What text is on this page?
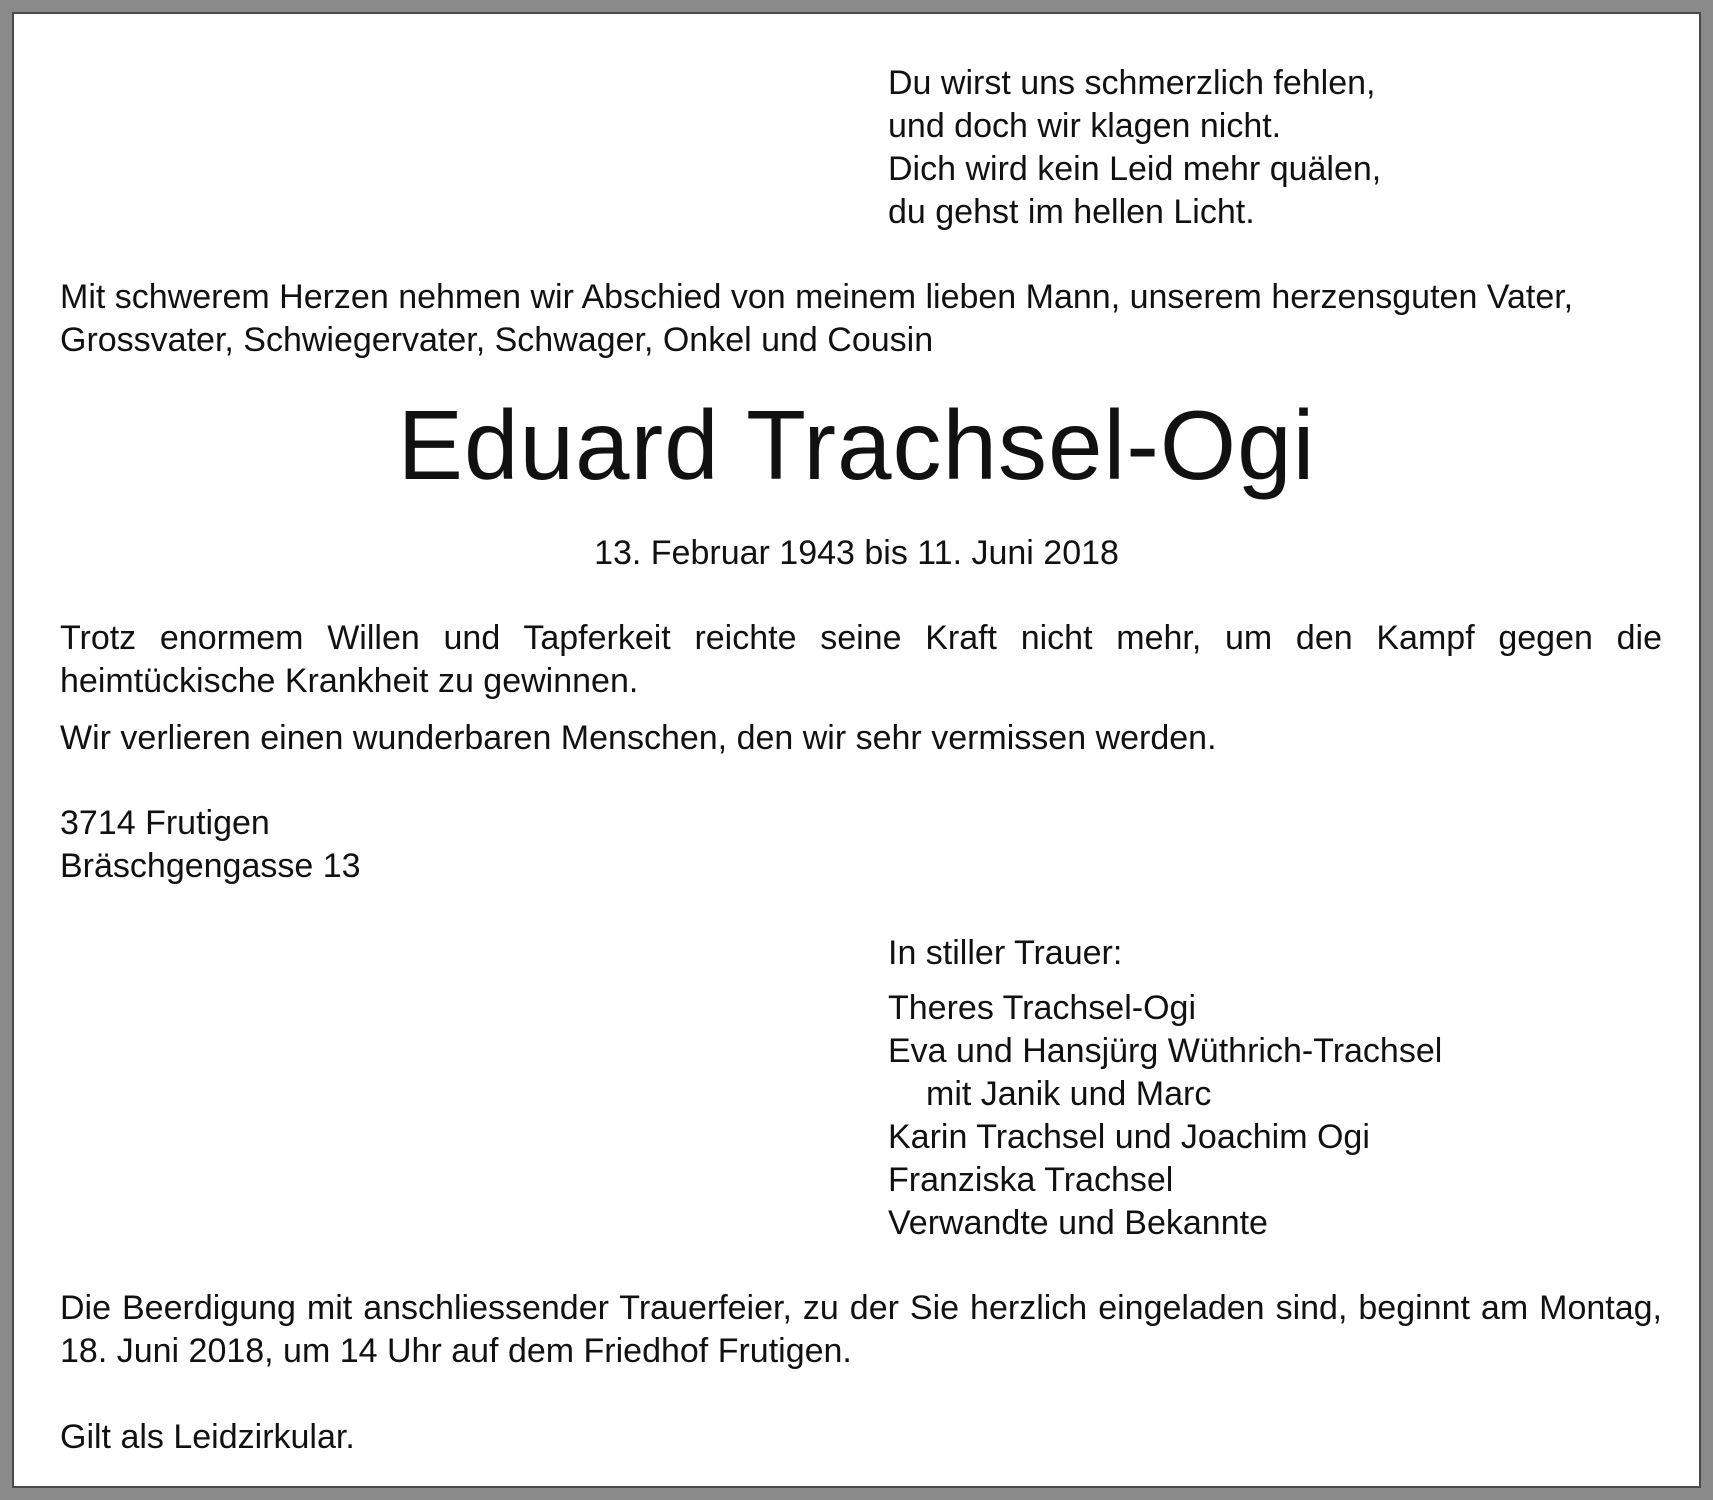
Du wirst uns schmerzlich fehlen,
und doch wir klagen nicht.
Dich wird kein Leid mehr quälen,
du gehst im hellen Licht.
Mit schwerem Herzen nehmen wir Abschied von meinem lieben Mann, unserem herzensguten Vater, Grossvater, Schwiegervater, Schwager, Onkel und Cousin
Eduard Trachsel-Ogi
13. Februar 1943 bis 11. Juni 2018
Trotz enormem Willen und Tapferkeit reichte seine Kraft nicht mehr, um den Kampf gegen die heimtückische Krankheit zu gewinnen.
Wir verlieren einen wunderbaren Menschen, den wir sehr vermissen werden.
3714 Frutigen
Bräschgengasse 13
In stiller Trauer:
Theres Trachsel-Ogi
Eva und Hansjürg Wüthrich-Trachsel
mit Janik und Marc
Karin Trachsel und Joachim Ogi
Franziska Trachsel
Verwandte und Bekannte
Die Beerdigung mit anschliessender Trauerfeier, zu der Sie herzlich eingeladen sind, beginnt am Montag, 18. Juni 2018, um 14 Uhr auf dem Friedhof Frutigen.
Gilt als Leidzirkular.
